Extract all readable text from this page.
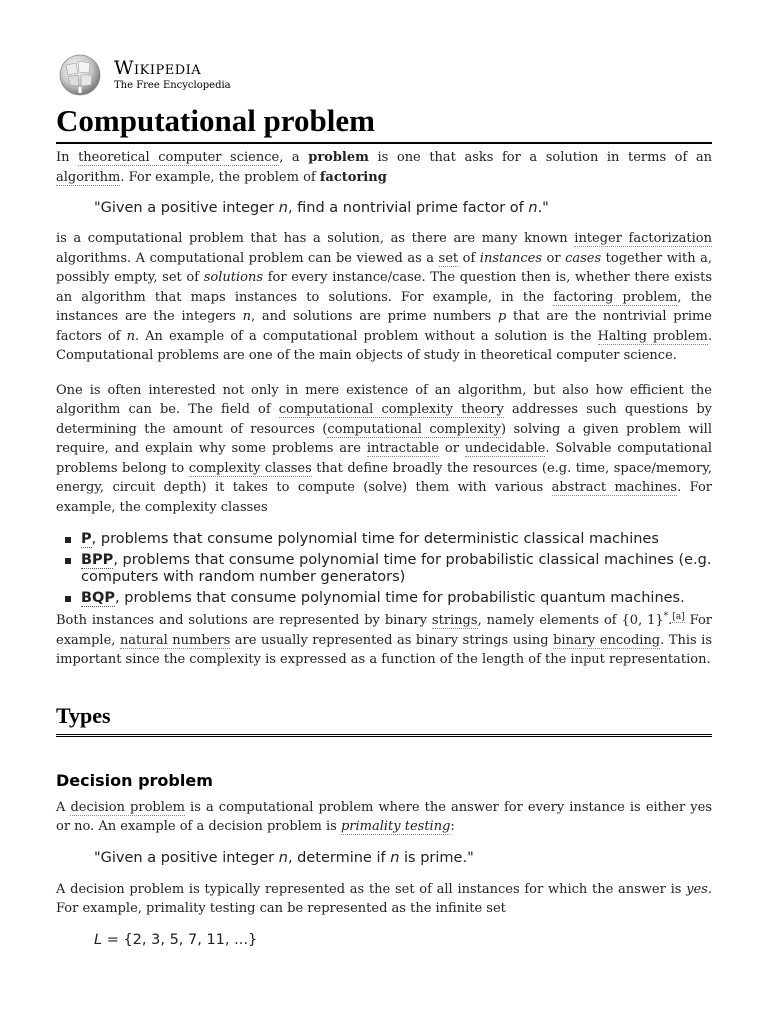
Wikipedia
The Free Encyclopedia
Computational problem

In theoretical computer science, a problem is one that asks for a solution in terms of an algorithm. For example, the problem of factoring

"Given a positive integer n, find a nontrivial prime factor of n."

is a computational problem that has a solution, as there are many known integer factorization algorithms. A computational problem can be viewed as a set of instances or cases together with a, possibly empty, set of solutions for every instance/case. The question then is, whether there exists an algorithm that maps instances to solutions. For example, in the factoring problem, the instances are the integers n, and solutions are prime numbers p that are the nontrivial prime factors of n. An example of a computational problem without a solution is the Halting problem. Computational problems are one of the main objects of study in theoretical computer science.

One is often interested not only in mere existence of an algorithm, but also how efficient the algorithm can be. The field of computational complexity theory addresses such questions by determining the amount of resources (computational complexity) solving a given problem will require, and explain why some problems are intractable or undecidable. Solvable computational problems belong to complexity classes that define broadly the resources (e.g. time, space/memory, energy, circuit depth) it takes to compute (solve) them with various abstract machines. For example, the complexity classes

P, problems that consume polynomial time for deterministic classical machines
BPP, problems that consume polynomial time for probabilistic classical machines (e.g. computers with random number generators)
BQP, problems that consume polynomial time for probabilistic quantum machines.

Both instances and solutions are represented by binary strings, namely elements of {0, 1}*.[a] For example, natural numbers are usually represented as binary strings using binary encoding. This is important since the complexity is expressed as a function of the length of the input representation.

Types
Decision problem

A decision problem is a computational problem where the answer for every instance is either yes or no. An example of a decision problem is primality testing:

"Given a positive integer n, determine if n is prime."

A decision problem is typically represented as the set of all instances for which the answer is yes. For example, primality testing can be represented as the infinite set

L = {2, 3, 5, 7, 11, ...}
